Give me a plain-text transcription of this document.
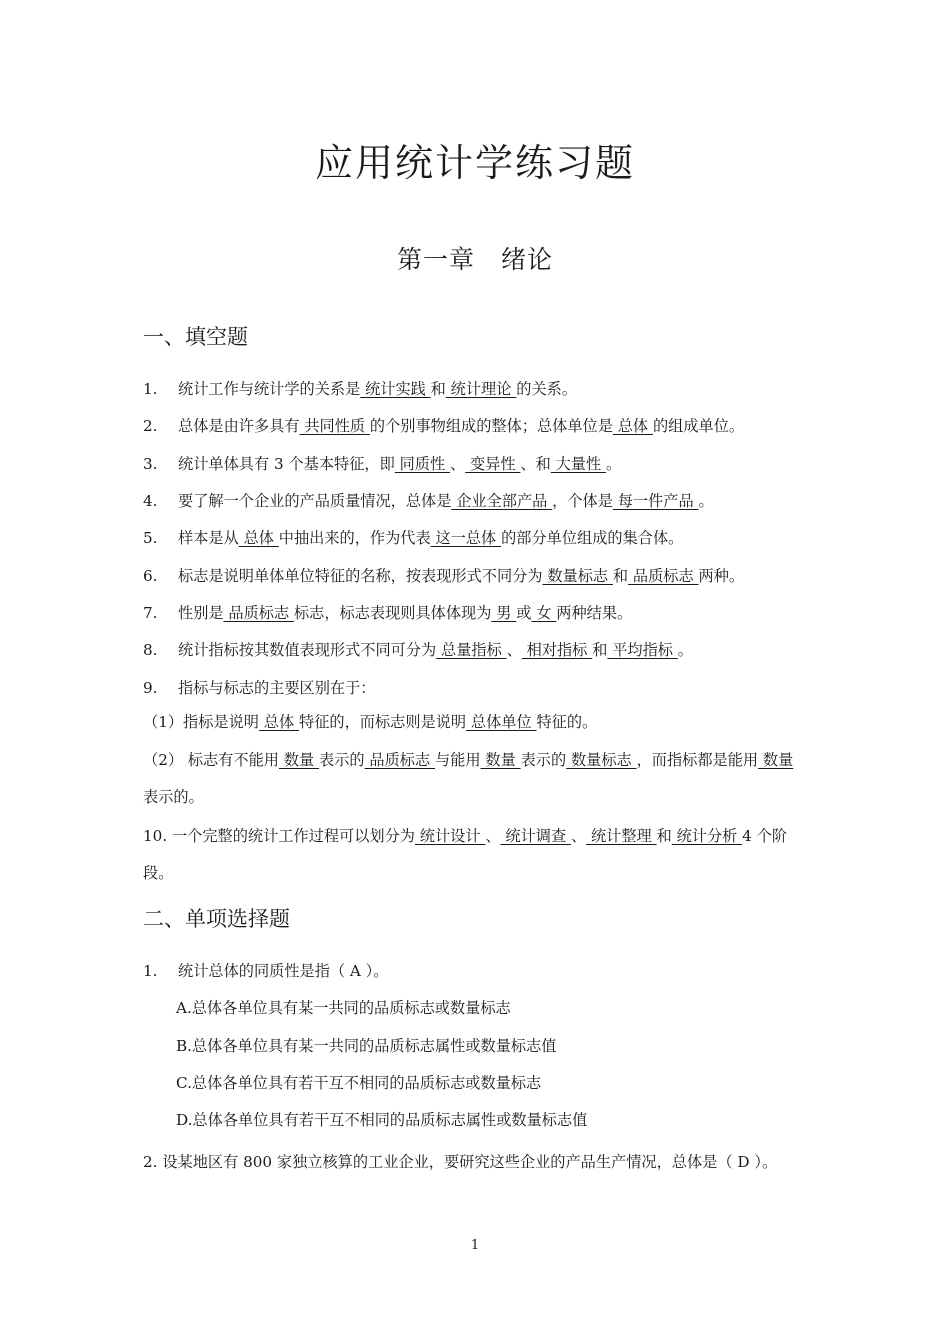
应用统计学练习题
第一章　绪论
一、填空题
1. 统计工作与统计学的关系是 统计实践 和 统计理论 的关系。
2. 总体是由许多具有 共同性质 的个别事物组成的整体；总体单位是 总体 的组成单位。
3. 统计单体具有 3 个基本特征，即 同质性 、 变异性 、和 大量性 。
4. 要了解一个企业的产品质量情况，总体是 企业全部产品 ，个体是 每一件产品 。
5. 样本是从 总体 中抽出来的，作为代表 这一总体 的部分单位组成的集合体。
6. 标志是说明单体单位特征的名称，按表现形式不同分为 数量标志 和 品质标志 两种。
7. 性别是 品质标志 标志，标志表现则具体体现为 男 或 女 两种结果。
8. 统计指标按其数值表现形式不同可分为 总量指标 、 相对指标 和 平均指标 。
9. 指标与标志的主要区别在于：
（1）指标是说明 总体 特征的，而标志则是说明 总体单位 特征的。
（2） 标志有不能用 数量 表示的 品质标志 与能用 数量 表示的 数量标志 ，而指标都是能用 数量 表示的。
10. 一个完整的统计工作过程可以划分为 统计设计 、 统计调查 、 统计整理 和 统计分析 4 个阶段。
二、单项选择题
1. 统计总体的同质性是指（ A ）。
A.总体各单位具有某一共同的品质标志或数量标志
B.总体各单位具有某一共同的品质标志属性或数量标志值
C.总体各单位具有若干互不相同的品质标志或数量标志
D.总体各单位具有若干互不相同的品质标志属性或数量标志值
2. 设某地区有 800 家独立核算的工业企业，要研究这些企业的产品生产情况，总体是（ D ）。
1
